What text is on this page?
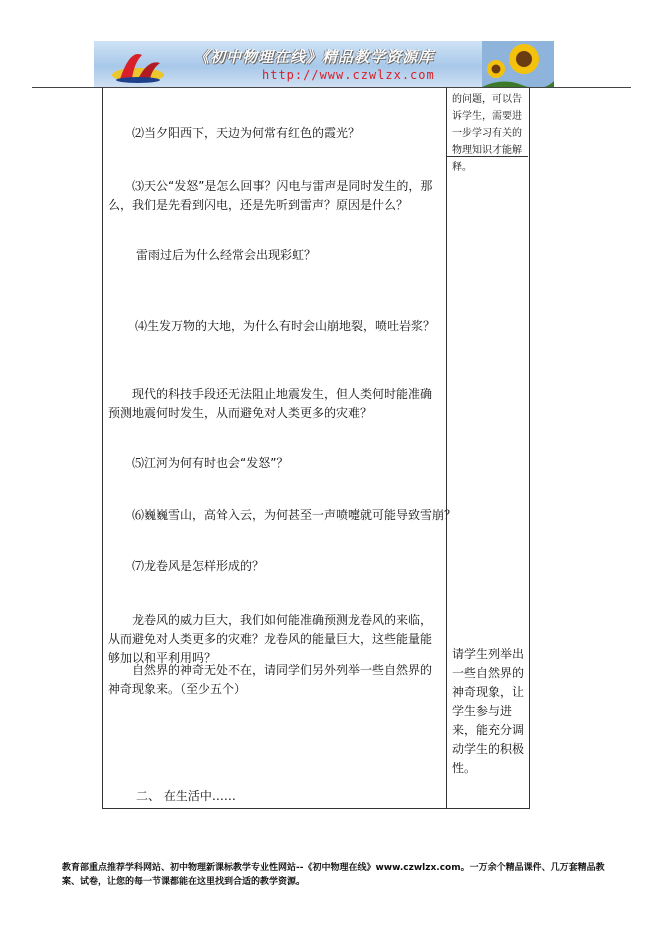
《初中物理在线》精品教学资源库
http://www.czwlzx.com
⑵当夕阳西下，天边为何常有红色的霞光？
⑶天公“发怒”是怎么回事？闪电与雷声是同时发生的，那么，我们是先看到闪电，还是先听到雷声？原因是什么？
雷雨过后为什么经常会出现彩虹？
⑷生发万物的大地，为什么有时会山崩地裂，喷吐岩浆？
现代的科技手段还无法阻止地震发生，但人类何时能准确预测地震何时发生，从而避免对人类更多的灾难？
⑸江河为何有时也会“发怒”？
⑹巍巍雪山，高耸入云，为何甚至一声喷嚏就可能导致雪崩？
⑺龙卷风是怎样形成的？
龙卷风的威力巨大，我们如何能准确预测龙卷风的来临，从而避免对人类更多的灾难？龙卷风的能量巨大，这些能量能够加以和平利用吗？
自然界的神奇无处不在，请同学们另外列举一些自然界的神奇现象来。（至少五个）
二、 在生活中……
的问题，可以告诉学生，需要进一步学习有关的物理知识才能解释。
请学生列举出一些自然界的神奇现象，让学生参与进来，能充分调动学生的积极性。
教育部重点推荐学科网站、初中物理新课标教学专业性网站--《初中物理在线》www.czwlzx.com。一万余个精品课件、几万套精品教案、试卷，让您的每一节课都能在这里找到合适的教学资源。
